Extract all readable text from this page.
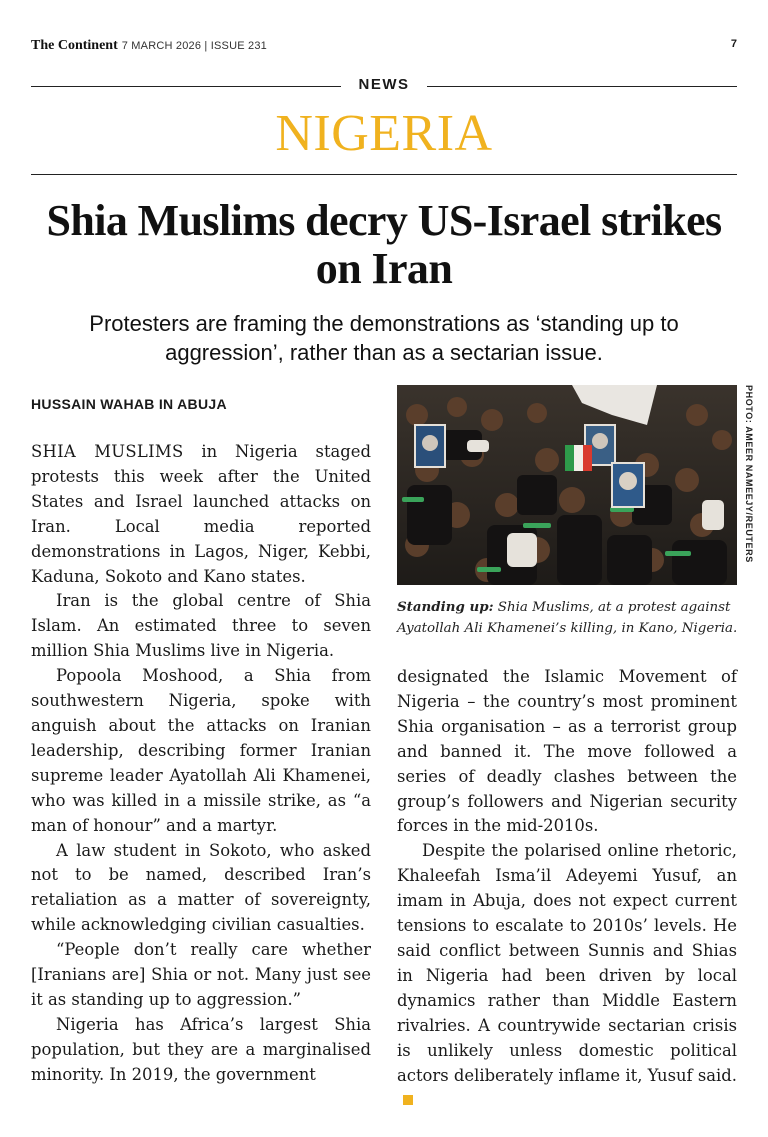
The Continent 7 MARCH 2026 | ISSUE 231	7
NEWS
NIGERIA
Shia Muslims decry US-Israel strikes on Iran
Protesters are framing the demonstrations as ‘standing up to aggression’, rather than as a sectarian issue.
HUSSAIN WAHAB IN ABUJA

SHIA MUSLIMS in Nigeria staged protests this week after the United States and Israel launched attacks on Iran. Local media reported demonstrations in Lagos, Niger, Kebbi, Kaduna, Sokoto and Kano states.

Iran is the global centre of Shia Islam. An estimated three to seven million Shia Muslims live in Nigeria.

Popoola Moshood, a Shia from southwestern Nigeria, spoke with anguish about the attacks on Iranian leadership, describing former Iranian supreme leader Ayatollah Ali Khamenei, who was killed in a missile strike, as “a man of honour” and a martyr.

A law student in Sokoto, who asked not to be named, described Iran’s retaliation as a matter of sovereignty, while acknowledging civilian casualties.

“People don’t really care whether [Iranians are] Shia or not. Many just see it as standing up to aggression.”

Nigeria has Africa’s largest Shia population, but they are a marginalised minority. In 2019, the government

PHOTO: AMEER NAMEEJY/REUTERS
Standing up: Shia Muslims, at a protest against Ayatollah Ali Khamenei’s killing, in Kano, Nigeria.

designated the Islamic Movement of Nigeria – the country’s most prominent Shia organisation – as a terrorist group and banned it. The move followed a series of deadly clashes between the group’s followers and Nigerian security forces in the mid-2010s.

Despite the polarised online rhetoric, Khaleefah Isma’il Adeyemi Yusuf, an imam in Abuja, does not expect current tensions to escalate to 2010s’ levels. He said conflict between Sunnis and Shias in Nigeria had been driven by local dynamics rather than Middle Eastern rivalries. A countrywide sectarian crisis is unlikely unless domestic political actors deliberately inflame it, Yusuf said.
